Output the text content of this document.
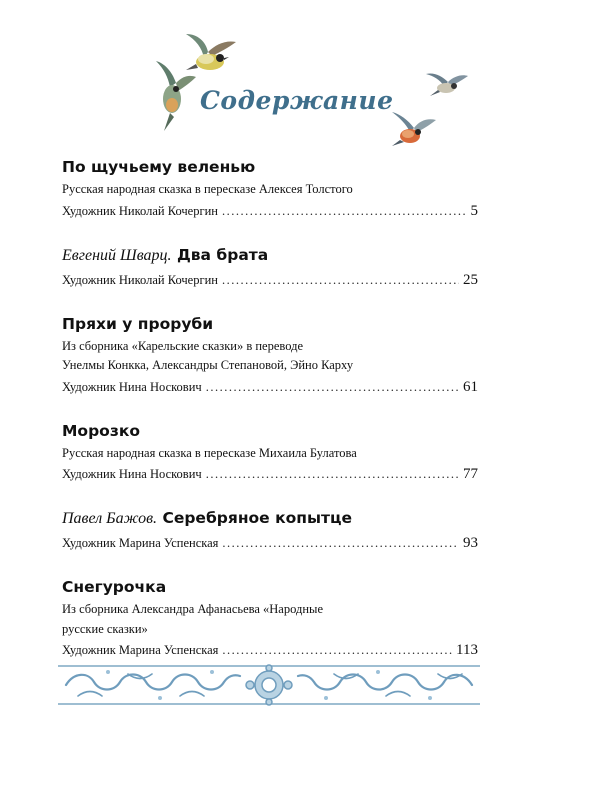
Содержание
По щучьему веленью
Русская народная сказка в пересказе Алексея Толстого
Художник Николай Кочергин .....	5
Евгений Шварц. Два брата
Художник Николай Кочергин .....	25
Пряхи у проруби
Из сборника «Карельские сказки» в переводе
Унелмы Конкка, Александры Степановой, Эйно Карху
Художник Нина Носкович .....	61
Морозко
Русская народная сказка в пересказе Михаила Булатова
Художник Нина Носкович .....	77
Павел Бажов. Серебряное копытце
Художник Марина Успенская .....	93
Снегурочка
Из сборника Александра Афанасьева «Народные
русские сказки»
Художник Марина Успенская .....	113
